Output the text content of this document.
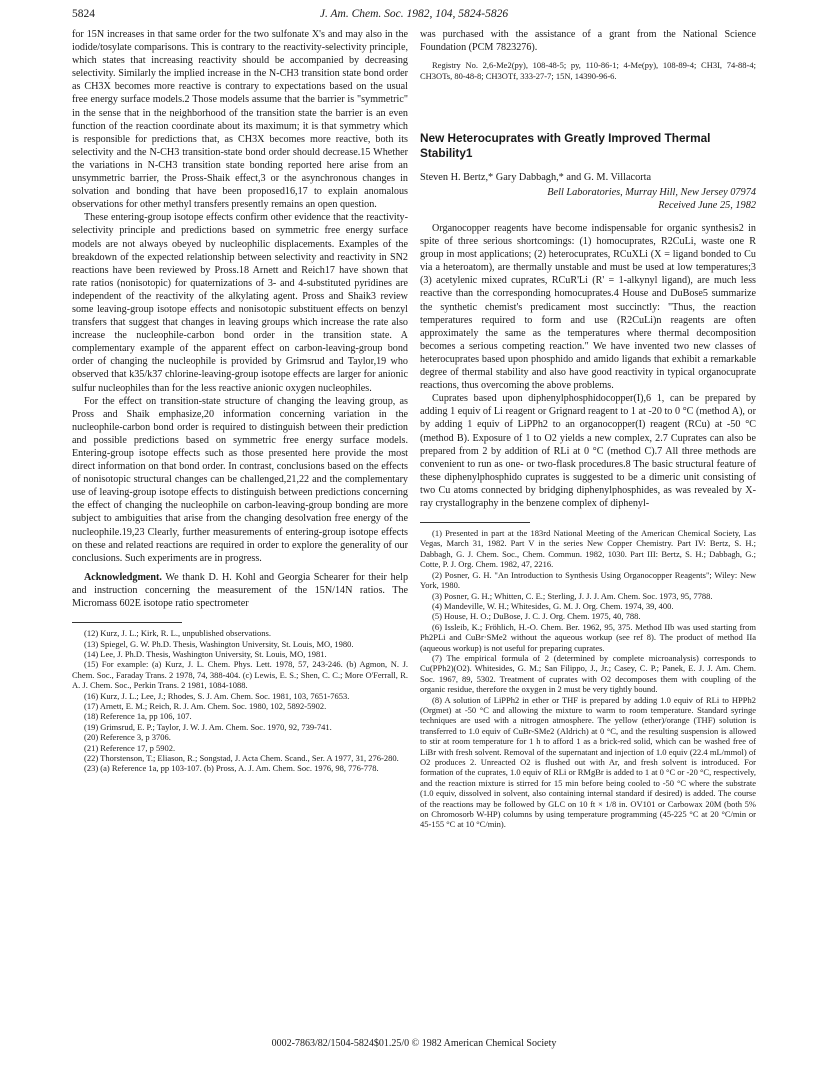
5824	J. Am. Chem. Soc. 1982, 104, 5824-5826

for 15N increases in that same order for the two sulfonate X's and may also in the iodide/tosylate comparisons. This is contrary to the reactivity-selectivity principle, which states that increasing reactivity should be accompanied by decreasing selectivity. Similarly the implied increase in the N-CH3 transition state bond order as CH3X becomes more reactive is contrary to expectations based on the usual free energy surface models.2 Those models assume that the barrier is "symmetric" in the sense that in the neighborhood of the transition state the barrier is an even function of the reaction coordinate about its maximum; it is that symmetry which is responsible for predictions that, as CH3X becomes more reactive, both its selectivity and the N-CH3 transition-state bond order should decrease.15 Whether the variations in N-CH3 transition state bonding reported here arise from an unsymmetric barrier, the Pross-Shaik effect,3 or the asynchronous changes in solvation and bonding that have been proposed16,17 to explain anomalous observations for other methyl transfers presently remains an open question.

These entering-group isotope effects confirm other evidence that the reactivity-selectivity principle and predictions based on symmetric free energy surface models are not always obeyed by nucleophilic displacements. Examples of the breakdown of the expected relationship between selectivity and reactivity in SN2 reactions have been reviewed by Pross.18 Arnett and Reich17 have shown that rate ratios (nonisotopic) for quaternizations of 3- and 4-substituted pyridines are independent of the reactivity of the alkylating agent. Pross and Shaik3 review some leaving-group isotope effects and nonisotopic substituent effects on benzyl transfers that suggest that changes in leaving groups which increase the rate also increase the nucleophile-carbon bond order in the transition state. A complementary example of the apparent effect on carbon-leaving-group bond order of changing the nucleophile is provided by Grimsrud and Taylor,19 who observed that k35/k37 chlorine-leaving-group isotope effects are larger for anionic sulfur nucleophiles than for the less reactive anionic oxygen nucleophiles.

For the effect on transition-state structure of changing the leaving group, as Pross and Shaik emphasize,20 information concerning variation in the nucleophile-carbon bond order is required to distinguish between their prediction and possible predictions based on symmetric free energy surface models. Entering-group isotope effects such as those presented here provide the most direct information on that bond order. In contrast, conclusions based on the effects of nonisotopic structural changes can be challenged,21,22 and the complementary use of leaving-group isotope effects to distinguish between predictions concerning the effect of changing the nucleophile on carbon-leaving-group bonding are more subject to ambiguities that arise from the changing desolvation free energy of the nucleophile.19,23 Clearly, further measurements of entering-group isotope effects on these and related reactions are required in order to explore the generality of our conclusions. Such experiments are in progress.

Acknowledgment. We thank D. H. Kohl and Georgia Schearer for their help and instruction concerning the measurement of the 15N/14N ratios. The Micromass 602E isotope ratio spectrometer

(12) Kurz, J. L.; Kirk, R. L., unpublished observations.

(13) Spiegel, G. W. Ph.D. Thesis, Washington University, St. Louis, MO, 1980.

(14) Lee, J. Ph.D. Thesis, Washington University, St. Louis, MO, 1981.

(15) For example: (a) Kurz, J. L. Chem. Phys. Lett. 1978, 57, 243-246. (b) Agmon, N. J. Chem. Soc., Faraday Trans. 2 1978, 74, 388-404. (c) Lewis, E. S.; Shen, C. C.; More O'Ferrall, R. A. J. Chem. Soc., Perkin Trans. 2 1981, 1084-1088.

(16) Kurz, J. L.; Lee, J.; Rhodes, S. J. Am. Chem. Soc. 1981, 103, 7651-7653.

(17) Arnett, E. M.; Reich, R. J. Am. Chem. Soc. 1980, 102, 5892-5902.

(18) Reference 1a, pp 106, 107.

(19) Grimsrud, E. P.; Taylor, J. W. J. Am. Chem. Soc. 1970, 92, 739-741.

(20) Reference 3, p 3706.

(21) Reference 17, p 5902.

(22) Thorstenson, T.; Eliason, R.; Songstad, J. Acta Chem. Scand., Ser. A 1977, 31, 276-280.

(23) (a) Reference 1a, pp 103-107. (b) Pross, A. J. Am. Chem. Soc. 1976, 98, 776-778.

was purchased with the assistance of a grant from the National Science Foundation (PCM 7823276).

Registry No. 2,6-Me2(py), 108-48-5; py, 110-86-1; 4-Me(py), 108-89-4; CH3I, 74-88-4; CH3OTs, 80-48-8; CH3OTf, 333-27-7; 15N, 14390-96-6.

New Heterocuprates with Greatly Improved Thermal Stability1

Steven H. Bertz,* Gary Dabbagh,* and G. M. Villacorta

Bell Laboratories, Murray Hill, New Jersey 07974

Received June 25, 1982

Organocopper reagents have become indispensable for organic synthesis2 in spite of three serious shortcomings: (1) homocuprates, R2CuLi, waste one R group in most applications; (2) heterocuprates, RCuXLi (X = ligand bonded to Cu via a heteroatom), are thermally unstable and must be used at low temperatures;3 (3) acetylenic mixed cuprates, RCuR'Li (R' = 1-alkynyl ligand), are much less reactive than the corresponding homocuprates.4 House and DuBose5 summarize the synthetic chemist's predicament most succinctly: "Thus, the reaction temperatures required to form and use (R2CuLi)n reagents are often approximately the same as the temperatures where thermal decomposition becomes a serious competing reaction." We have invented two new classes of heterocuprates based upon phosphido and amido ligands that exhibit a remarkable degree of thermal stability and also have good reactivity in typical organocuprate reactions, thus overcoming the above problems.

Cuprates based upon diphenylphosphidocopper(I),6 1, can be prepared by adding 1 equiv of Li reagent or Grignard reagent to 1 at -20 to 0 °C (method A), or by adding 1 equiv of LiPPh2 to an organocopper(I) reagent (RCu) at -50 °C (method B). Exposure of 1 to O2 yields a new complex, 2.7 Cuprates can also be prepared from 2 by addition of RLi at 0 °C (method C).7 All three methods are convenient to run as one- or two-flask procedures.8 The basic structural feature of these diphenylphosphido cuprates is suggested to be a dimeric unit consisting of two Cu atoms connected by bridging diphenylphosphides, as was revealed by X-ray crystallography in the benzene complex of diphenyl-

(1) Presented in part at the 183rd National Meeting of the American Chemical Society, Las Vegas, March 31, 1982. Part V in the series New Copper Chemistry. Part IV: Bertz, S. H.; Dabbagh, G. J. Chem. Soc., Chem. Commun. 1982, 1030. Part III: Bertz, S. H.; Dabbagh, G.; Cotte, P. J. Org. Chem. 1982, 47, 2216.

(2) Posner, G. H. "An Introduction to Synthesis Using Organocopper Reagents"; Wiley: New York, 1980.

(3) Posner, G. H.; Whitten, C. E.; Sterling, J. J. J. Am. Chem. Soc. 1973, 95, 7788.

(4) Mandeville, W. H.; Whitesides, G. M. J. Org. Chem. 1974, 39, 400.

(5) House, H. O.; DuBose, J. C. J. Org. Chem. 1975, 40, 788.

(6) Issleib, K.; Fröhlich, H.-O. Chem. Ber. 1962, 95, 375. Method IIb was used starting from Ph2PLi and CuBr·SMe2 without the aqueous workup (see ref 8). The product of method IIa (aqueous workup) is not useful for preparing cuprates.

(7) The empirical formula of 2 (determined by complete microanalysis) corresponds to Cu(PPh2)(O2). Whitesides, G. M.; San Filippo, J., Jr.; Casey, C. P.; Panek, E. J. J. Am. Chem. Soc. 1967, 89, 5302. Treatment of cuprates with O2 decomposes them with coupling of the organic residue, therefore the oxygen in 2 must be very tightly bound.

(8) A solution of LiPPh2 in ether or THF is prepared by adding 1.0 equiv of RLi to HPPh2 (Orgmet) at -50 °C and allowing the mixture to warm to room temperature. Standard syringe techniques are used with a nitrogen atmosphere. The yellow (ether)/orange (THF) solution is transferred to 1.0 equiv of CuBr-SMe2 (Aldrich) at 0 °C, and the resulting suspension is allowed to stir at room temperature for 1 h to afford 1 as a brick-red solid, which can be washed free of LiBr with fresh solvent. Removal of the supernatant and injection of 1.0 equiv (22.4 mL/mmol) of O2 produces 2. Unreacted O2 is flushed out with Ar, and fresh solvent is introduced. For formation of the cuprates, 1.0 equiv of RLi or RMgBr is added to 1 at 0 °C or -20 °C, respectively, and the reaction mixture is stirred for 15 min before being cooled to -50 °C where the substrate (1.0 equiv, dissolved in solvent, also containing internal standard if desired) is added. The course of the reactions may be followed by GLC on 10 ft × 1/8 in. OV101 or Carbowax 20M (both 5% on Chromosorb W-HP) columns by using temperature programming (45-225 °C at 20 °C/min or 45-155 °C at 10 °C/min).

0002-7863/82/1504-5824$01.25/0 © 1982 American Chemical Society
